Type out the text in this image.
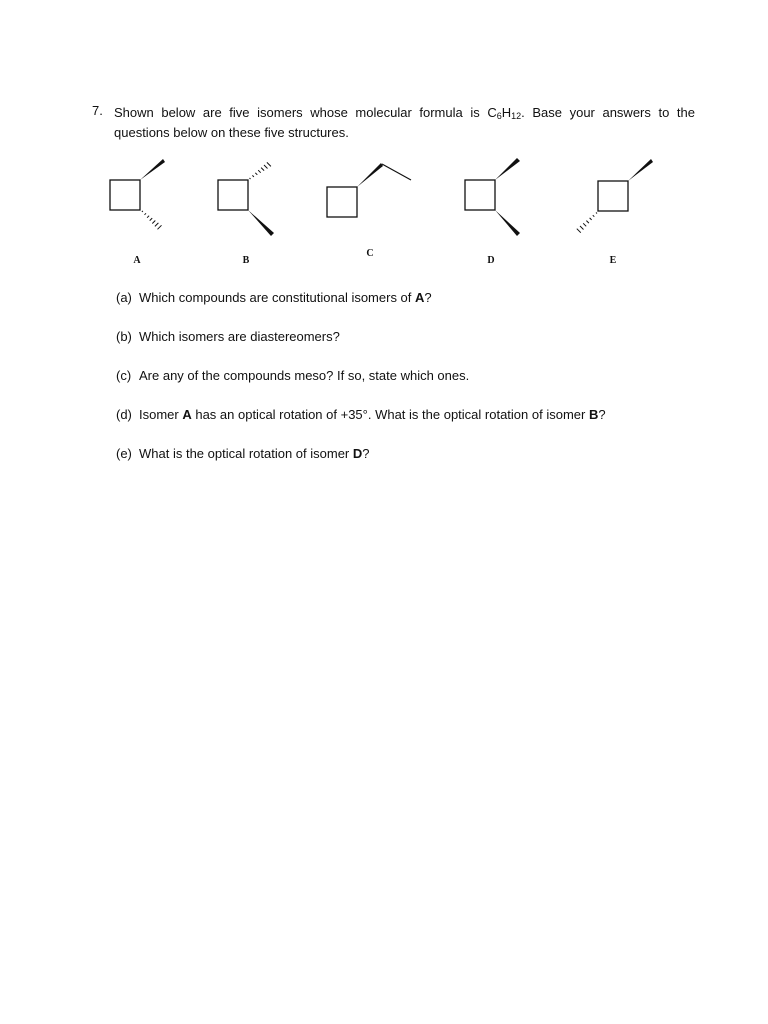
7. Shown below are five isomers whose molecular formula is $C_6H_{12}$. Base your answers to the
questions below on these five structures.
A	B
C
D	E
(a) Which compounds are constitutional isomers of A?
(b) Which isomers are diastereomers?
(c) Are any of the compounds meso? If so, state which ones.
(d) Isomer A has an optical rotation of +35°. What is the optical rotation of isomer B?
(e) What is the optical rotation of isomer D?
